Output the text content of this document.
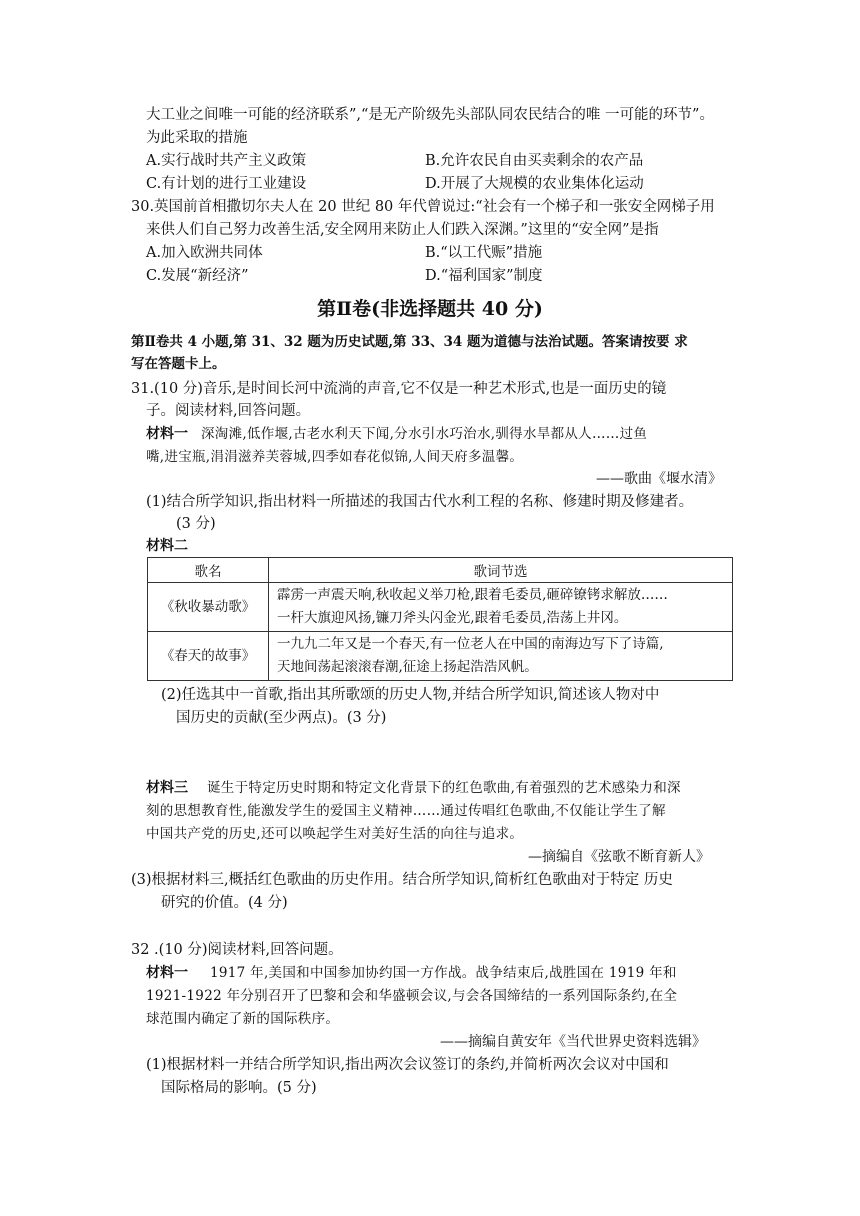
大工业之间唯一可能的经济联系”,“是无产阶级先头部队同农民结合的唯 一可能的环节”。
为此采取的措施
A.实行战时共产主义政策	B.允许农民自由买卖剩余的农产品
C.有计划的进行工业建设	D.开展了大规模的农业集体化运动
30.英国前首相撒切尔夫人在 20 世纪 80 年代曾说过:“社会有一个梯子和一张安全网梯子用
来供人们自己努力改善生活,安全网用来防止人们跌入深渊。”这里的“安全网”是指
A.加入欧洲共同体	B.“以工代赈”措施
C.发展“新经济”	D.“福利国家”制度
第Ⅱ卷(非选择题共 40 分)
第Ⅱ卷共 4 小题,第 31、32 题为历史试题,第 33、34 题为道德与法治试题。答案请按要 求
写在答题卡上。
31.(10 分)音乐,是时间长河中流淌的声音,它不仅是一种艺术形式,也是一面历史的镜
子。阅读材料,回答问题。
材料一 深淘滩,低作堰,古老水利天下闻,分水引水巧治水,驯得水旱都从人……过鱼
嘴,进宝瓶,涓涓滋养芙蓉城,四季如春花似锦,人间天府多温馨。
——歌曲《堰水清》
(1)结合所学知识,指出材料一所描述的我国古代水利工程的名称、修建时期及修建者。
(3 分)
材料二
歌名	歌词节选
《秋收暴动歌》	霹雳一声震天响,秋收起义举刀枪,跟着毛委员,砸碎镣铐求解放……
一杆大旗迎风扬,镰刀斧头闪金光,跟着毛委员,浩荡上井冈。

《春天的故事》	一九九二年又是一个春天,有一位老人在中国的南海边写下了诗篇,
天地间荡起滚滚春潮,征途上扬起浩浩风帆。
(2)任选其中一首歌,指出其所歌颂的历史人物,并结合所学知识,简述该人物对中
国历史的贡献(至少两点)。(3 分)
材料三 诞生于特定历史时期和特定文化背景下的红色歌曲,有着强烈的艺术感染力和深
刻的思想教育性,能激发学生的爱国主义精神……通过传唱红色歌曲,不仅能让学生了解
中国共产党的历史,还可以唤起学生对美好生活的向往与追求。
—摘编自《弦歌不断育新人》
(3)根据材料三,概括红色歌曲的历史作用。结合所学知识,简析红色歌曲对于特定 历史
研究的价值。(4 分)
32 .(10 分)阅读材料,回答问题。
材料一 1917 年,美国和中国参加协约国一方作战。战争结束后,战胜国在 1919 年和
1921-1922 年分别召开了巴黎和会和华盛顿会议,与会各国缔结的一系列国际条约,在全
球范围内确定了新的国际秩序。
——摘编自黄安年《当代世界史资料选辑》
(1)根据材料一并结合所学知识,指出两次会议签订的条约,并简析两次会议对中国和
国际格局的影响。(5 分)
